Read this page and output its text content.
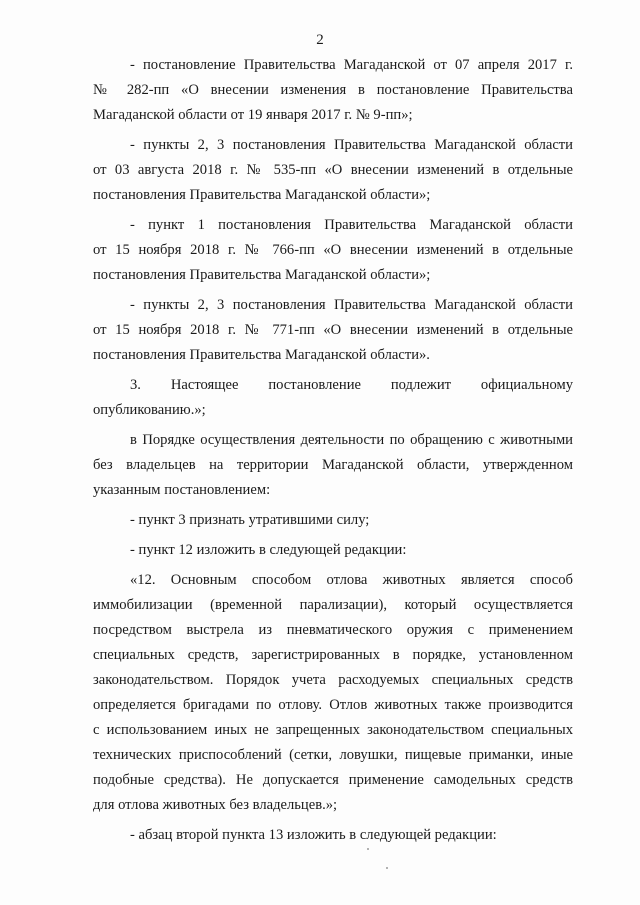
2
- постановление Правительства Магаданской от 07 апреля 2017 г.
№ 282-пп «О внесении изменения в постановление Правительства
Магаданской области от 19 января 2017 г. № 9-пп»;
- пункты 2, 3 постановления Правительства Магаданской области
от 03 августа 2018 г. № 535-пп «О внесении изменений в отдельные
постановления Правительства Магаданской области»;
- пункт 1 постановления Правительства Магаданской области
от 15 ноября 2018 г. № 766-пп «О внесении изменений в отдельные
постановления Правительства Магаданской области»;
- пункты 2, 3 постановления Правительства Магаданской области
от 15 ноября 2018 г. № 771-пп «О внесении изменений в отдельные
постановления Правительства Магаданской области».
3. Настоящее постановление подлежит официальному
опубликованию.»;
в Порядке осуществления деятельности по обращению с животными
без владельцев на территории Магаданской области, утвержденном
указанным постановлением:
- пункт 3 признать утратившими силу;
- пункт 12 изложить в следующей редакции:
«12. Основным способом отлова животных является способ
иммобилизации (временной парализации), который осуществляется
посредством выстрела из пневматического оружия с применением
специальных средств, зарегистрированных в порядке, установленном
законодательством. Порядок учета расходуемых специальных средств
определяется бригадами по отлову. Отлов животных также производится
с использованием иных не запрещенных законодательством специальных
технических приспособлений (сетки, ловушки, пищевые приманки, иные
подобные средства). Не допускается применение самодельных средств
для отлова животных без владельцев.»;
- абзац второй пункта 13 изложить в следующей редакции:
